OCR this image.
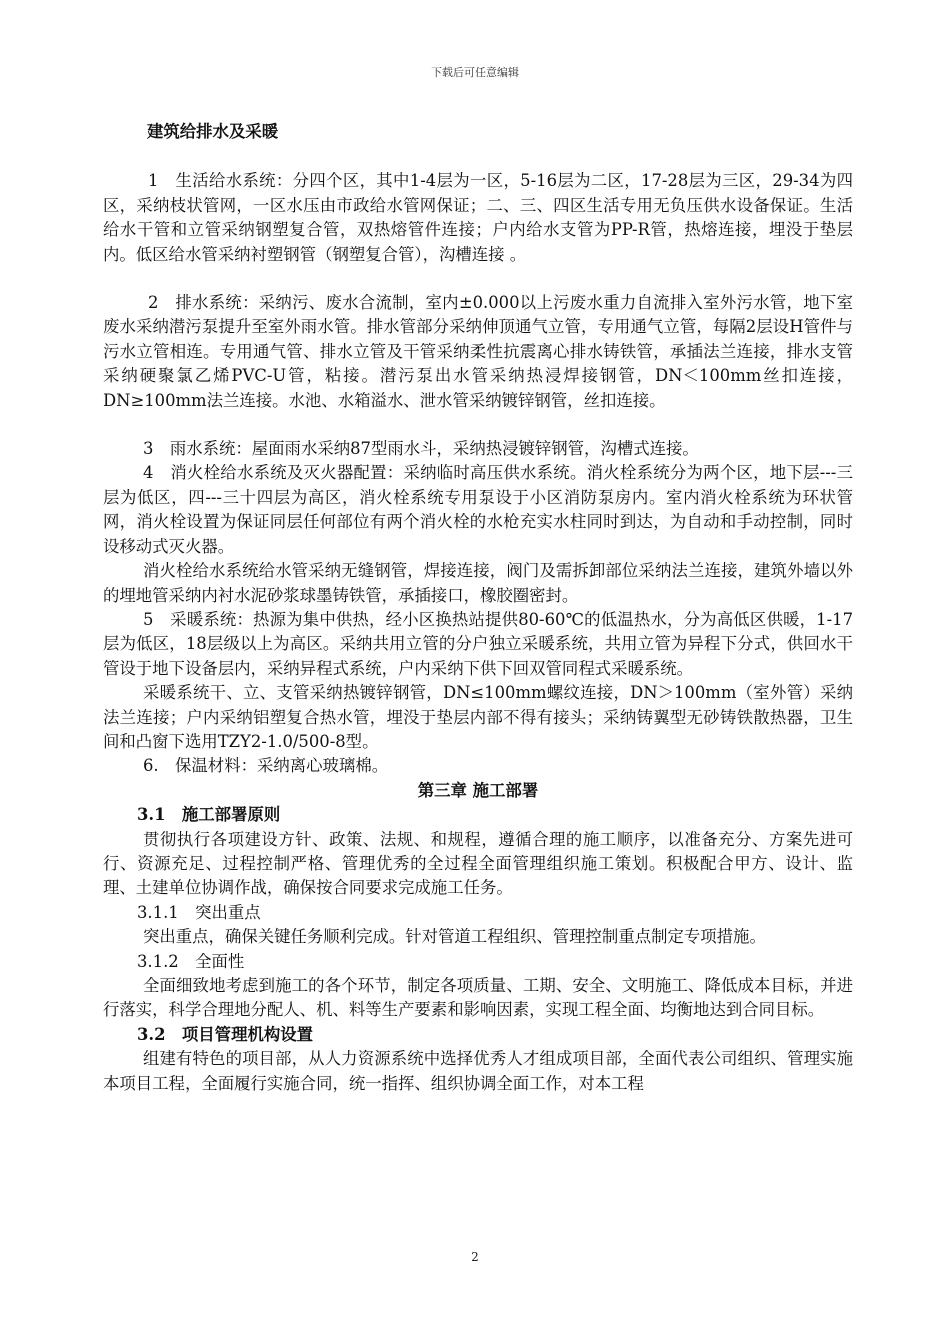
下载后可任意编辑

建筑给排水及采暖

1　生活给水系统：分四个区，其中1-4层为一区，5-16层为二区，17-28层为三区，29-34为四区，采纳枝状管网，一区水压由市政给水管网保证；二、三、四区生活专用无负压供水设备保证。生活给水干管和立管采纳钢塑复合管，双热熔管件连接；户内给水支管为PP-R管，热熔连接，埋没于垫层内。低区给水管采纳衬塑钢管（钢塑复合管），沟槽连接 。

2　排水系统：采纳污、废水合流制，室内±0.000以上污废水重力自流排入室外污水管，地下室废水采纳潜污泵提升至室外雨水管。排水管部分采纳伸顶通气立管，专用通气立管，每隔2层设H管件与污水立管相连。专用通气管、排水立管及干管采纳柔性抗震离心排水铸铁管，承插法兰连接，排水支管采纳硬聚氯乙烯PVC-U管，粘接。潜污泵出水管采纳热浸焊接钢管，DN＜100mm丝扣连接，DN≥100mm法兰连接。水池、水箱溢水、泄水管采纳镀锌钢管，丝扣连接。

3　雨水系统：屋面雨水采纳87型雨水斗，采纳热浸镀锌钢管，沟槽式连接。

4　消火栓给水系统及灭火器配置：采纳临时高压供水系统。消火栓系统分为两个区，地下层---三层为低区，四---三十四层为高区，消火栓系统专用泵设于小区消防泵房内。室内消火栓系统为环状管网，消火栓设置为保证同层任何部位有两个消火栓的水枪充实水柱同时到达，为自动和手动控制，同时设移动式灭火器。

消火栓给水系统给水管采纳无缝钢管，焊接连接，阀门及需拆卸部位采纳法兰连接，建筑外墙以外的埋地管采纳内衬水泥砂浆球墨铸铁管，承插接口，橡胶圈密封。

5　采暖系统：热源为集中供热，经小区换热站提供80-60℃的低温热水，分为高低区供暖，1-17层为低区，18层级以上为高区。采纳共用立管的分户独立采暖系统，共用立管为异程下分式，供回水干管设于地下设备层内，采纳异程式系统，户内采纳下供下回双管同程式采暖系统。

采暖系统干、立、支管采纳热镀锌钢管，DN≤100mm螺纹连接，DN＞100mm（室外管）采纳法兰连接；户内采纳铝塑复合热水管，埋没于垫层内部不得有接头；采纳铸翼型无砂铸铁散热器，卫生间和凸窗下选用TZY2-1.0/500-8型。

6.　保温材料：采纳离心玻璃棉。

第三章 施工部署

3.1　施工部署原则

贯彻执行各项建设方针、政策、法规、和规程，遵循合理的施工顺序，以准备充分、方案先进可行、资源充足、过程控制严格、管理优秀的全过程全面管理组织施工策划。积极配合甲方、设计、监理、土建单位协调作战，确保按合同要求完成施工任务。

3.1.1　突出重点

突出重点，确保关键任务顺利完成。针对管道工程组织、管理控制重点制定专项措施。

3.1.2　全面性

全面细致地考虑到施工的各个环节，制定各项质量、工期、安全、文明施工、降低成本目标，并进行落实，科学合理地分配人、机、料等生产要素和影响因素，实现工程全面、均衡地达到合同目标。

3.2　项目管理机构设置

组建有特色的项目部，从人力资源系统中选择优秀人才组成项目部，全面代表公司组织、管理实施本项目工程，全面履行实施合同，统一指挥、组织协调全面工作，对本工程

2
